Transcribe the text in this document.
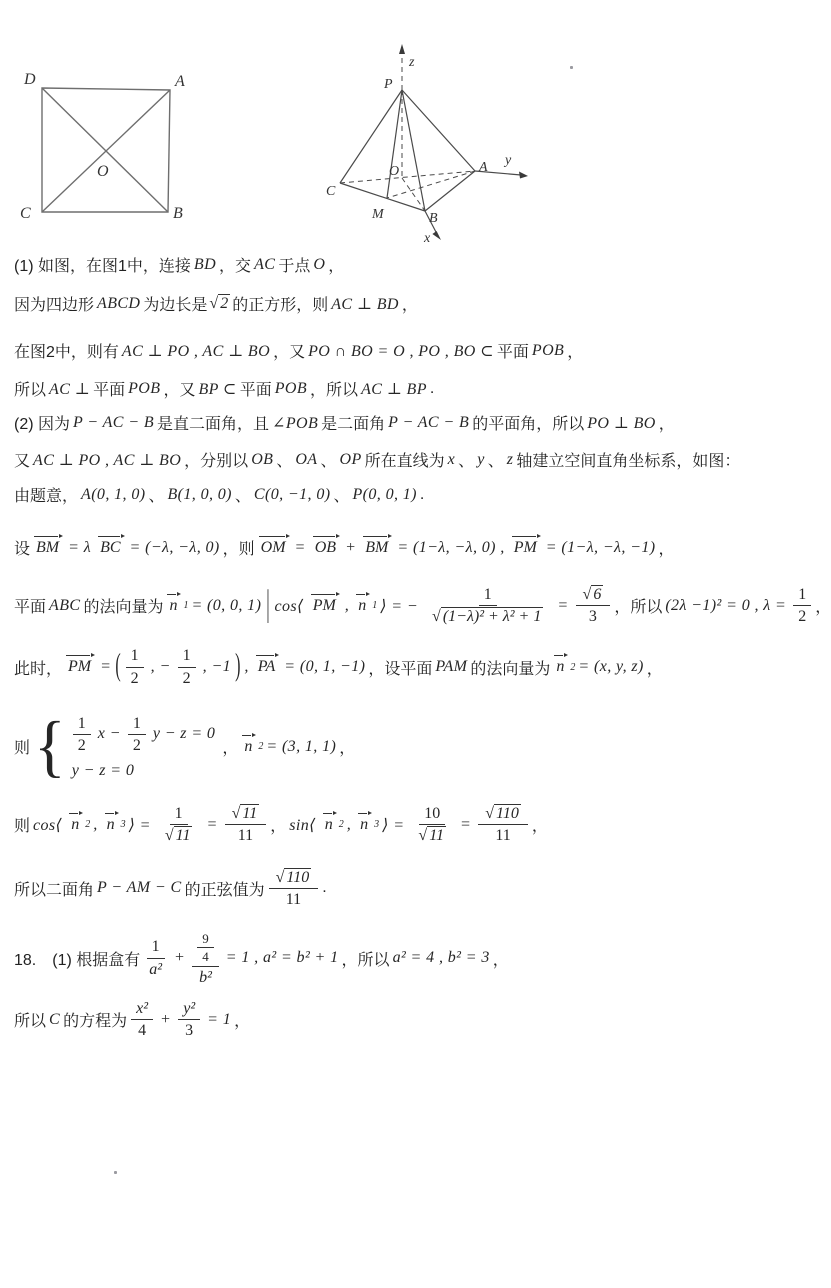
D	A
C	B
O
P
z
y
x
A
B
C
M
O
(1) 如图，在图1中，连接 BD ，交 AC 于点 O ，
因为四边形 ABCD 为边长是 √ 2 的正方形，则 AC ⊥ BD ，
在图2中，则有 AC ⊥ PO , AC ⊥ BO ，又 PO ∩ BO = O , PO , BO ⊂ 平面 POB ，
所以 AC ⊥ 平面 POB ，又 BP ⊂ 平面 POB ，所以 AC ⊥ BP .
(2) 因为 P − AC − B 是直二面角，且 ∠POB 是二面角 P − AC − B 的平面角，所以 PO ⊥ BO ，
又 AC ⊥ PO , AC ⊥ BO ，分别以 OB 、 OA 、 OP 所在直线为 x 、 y 、 z 轴建立空间直角坐标系，如图：
由题意， A(0, 1, 0) 、 B(1, 0, 0) 、 C(0, −1, 0) 、 P(0, 0, 1) .
设 BM = λ BC = (−λ, −λ, 0) ，则 OM = OB + BM = (1−λ, −λ, 0) , PM = (1−λ, −λ, −1) ，
平面 ABC 的法向量为 n 1 = (0, 0, 1) | cos⟨ PM , n 1 ⟩ = − $\frac{1}{\text{√ (1−λ)² + λ² + 1}} = \frac{√ 6}{3}$ ，所以 (2λ −1)² = 0 , $\lambda = \frac{1}{2}$ ，
此时， PM = ( $\frac{1}{2}$ , − $\frac{1}{2}$ , −1 ) , PA = (0, 1, −1) ，设平面 PAM 的法向量为 n 2 = (x, y, z) ，
则 { $\frac{1}{2}$ $x - \frac{1}{2}$ y − z = 0
y − z = 0
， n 2 = (3, 1, 1) ，
则 cos⟨ n 2 , n 3 ⟩ = $\frac{1}{√ 11} = \frac{√ 11}{11}$ ， sin⟨ n 2 , n 3 ⟩ = $\frac{10}{√ 11} = \frac{√ 110}{11}$ ，
所以二面角 P − AM − C 的正弦值为 $\frac{√ 110}{11}$ .
18.　(1) 根据盒有 $\frac{1}{\text{a²}} + \frac{\frac{9}{4}}{\text{b²}} = 1$ , a² = b² + 1 ，所以 a² = 4 , b² = 3 ，
所以 C 的方程为 $\frac{\text{x²}}{4} + \frac{\text{y²}}{3} = 1$ ，
